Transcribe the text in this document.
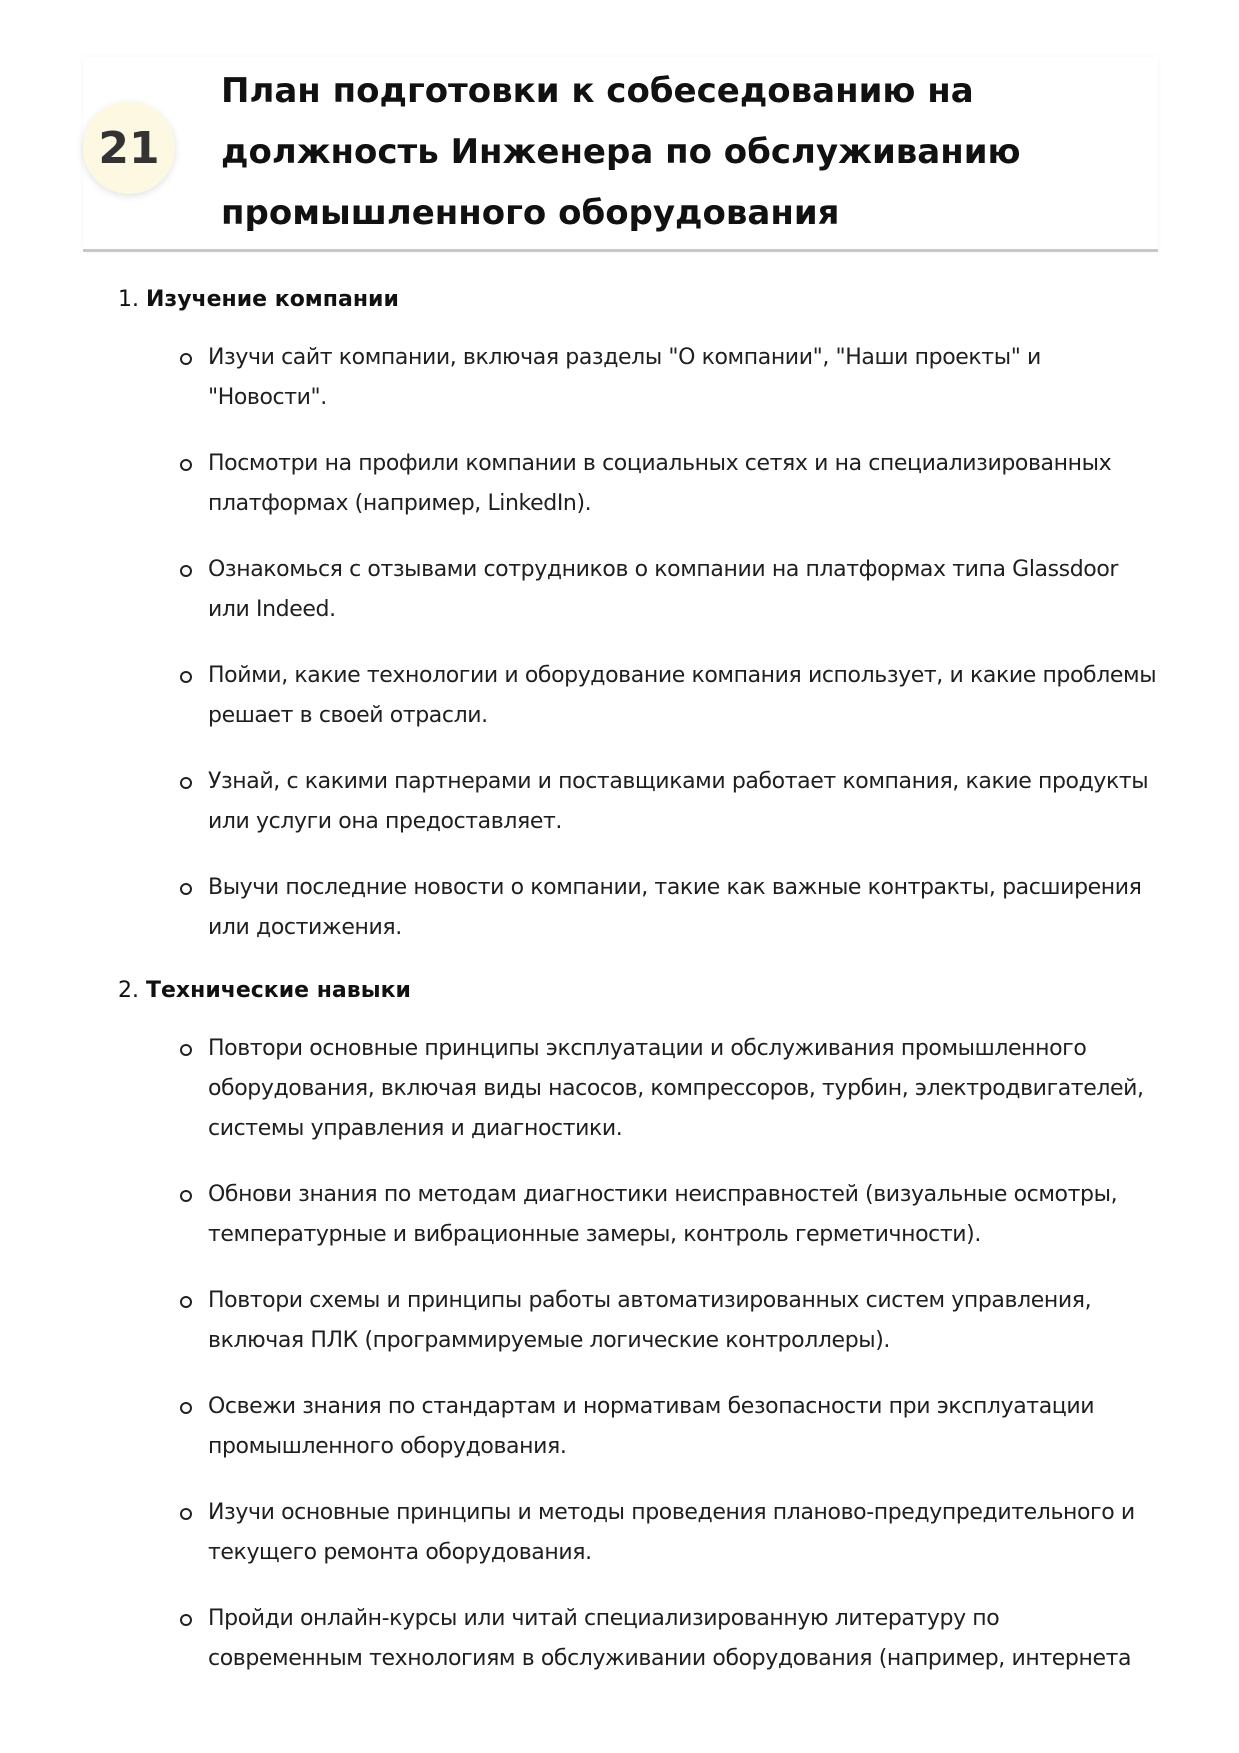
21
План подготовки к собеседованию на должность Инженера по обслуживанию промышленного оборудования
1. Изучение компании
Изучи сайт компании, включая разделы "О компании", "Наши проекты" и "Новости".
Посмотри на профили компании в социальных сетях и на специализированных платформах (например, LinkedIn).
Ознакомься с отзывами сотрудников о компании на платформах типа Glassdoor или Indeed.
Пойми, какие технологии и оборудование компания использует, и какие проблемы решает в своей отрасли.
Узнай, с какими партнерами и поставщиками работает компания, какие продукты или услуги она предоставляет.
Выучи последние новости о компании, такие как важные контракты, расширения или достижения.
2. Технические навыки
Повтори основные принципы эксплуатации и обслуживания промышленного оборудования, включая виды насосов, компрессоров, турбин, электродвигателей, системы управления и диагностики.
Обнови знания по методам диагностики неисправностей (визуальные осмотры, температурные и вибрационные замеры, контроль герметичности).
Повтори схемы и принципы работы автоматизированных систем управления, включая ПЛК (программируемые логические контроллеры).
Освежи знания по стандартам и нормативам безопасности при эксплуатации промышленного оборудования.
Изучи основные принципы и методы проведения планово-предупредительного и текущего ремонта оборудования.
Пройди онлайн-курсы или читай специализированную литературу по современным технологиям в обслуживании оборудования (например, интернета
